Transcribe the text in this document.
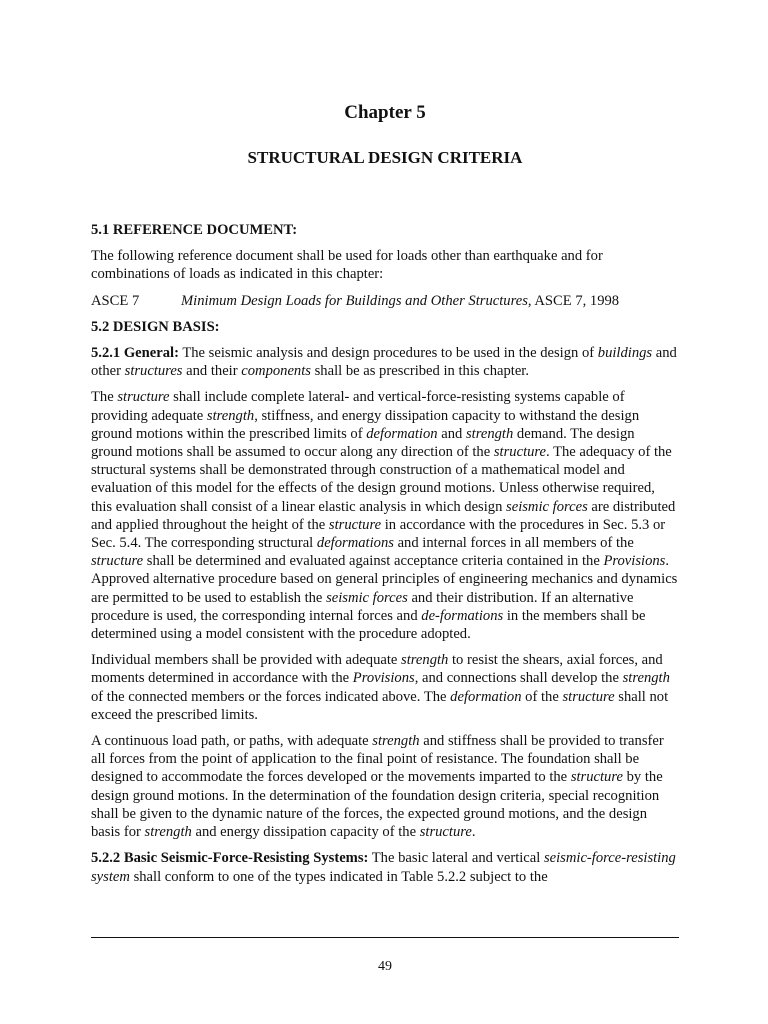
Chapter 5
STRUCTURAL DESIGN CRITERIA

5.1 REFERENCE DOCUMENT:

The following reference document shall be used for loads other than earthquake and for combinations of loads as indicated in this chapter:

ASCE 7	Minimum Design Loads for Buildings and Other Structures, ASCE 7, 1998

5.2 DESIGN BASIS:

5.2.1 General: The seismic analysis and design procedures to be used in the design of buildings and other structures and their components shall be as prescribed in this chapter.

The structure shall include complete lateral- and vertical-force-resisting systems capable of providing adequate strength, stiffness, and energy dissipation capacity to withstand the design ground motions within the prescribed limits of deformation and strength demand. The design ground motions shall be assumed to occur along any direction of the structure. The adequacy of the structural systems shall be demonstrated through construction of a mathematical model and evaluation of this model for the effects of the design ground motions. Unless otherwise required, this evaluation shall consist of a linear elastic analysis in which design seismic forces are distributed and applied throughout the height of the structure in accordance with the procedures in Sec. 5.3 or Sec. 5.4. The corresponding structural deformations and internal forces in all members of the structure shall be determined and evaluated against acceptance criteria contained in the Provisions. Approved alternative procedure based on general principles of engineering mechanics and dynamics are permitted to be used to establish the seismic forces and their distribution. If an alternative procedure is used, the corresponding internal forces and de-formations in the members shall be determined using a model consistent with the procedure adopted.

Individual members shall be provided with adequate strength to resist the shears, axial forces, and moments determined in accordance with the Provisions, and connections shall develop the strength of the connected members or the forces indicated above. The deformation of the structure shall not exceed the prescribed limits.

A continuous load path, or paths, with adequate strength and stiffness shall be provided to transfer all forces from the point of application to the final point of resistance. The foundation shall be designed to accommodate the forces developed or the movements imparted to the structure by the design ground motions. In the determination of the foundation design criteria, special recognition shall be given to the dynamic nature of the forces, the expected ground motions, and the design basis for strength and energy dissipation capacity of the structure.

5.2.2 Basic Seismic-Force-Resisting Systems: The basic lateral and vertical seismic-force-resisting system shall conform to one of the types indicated in Table 5.2.2 subject to the

49
